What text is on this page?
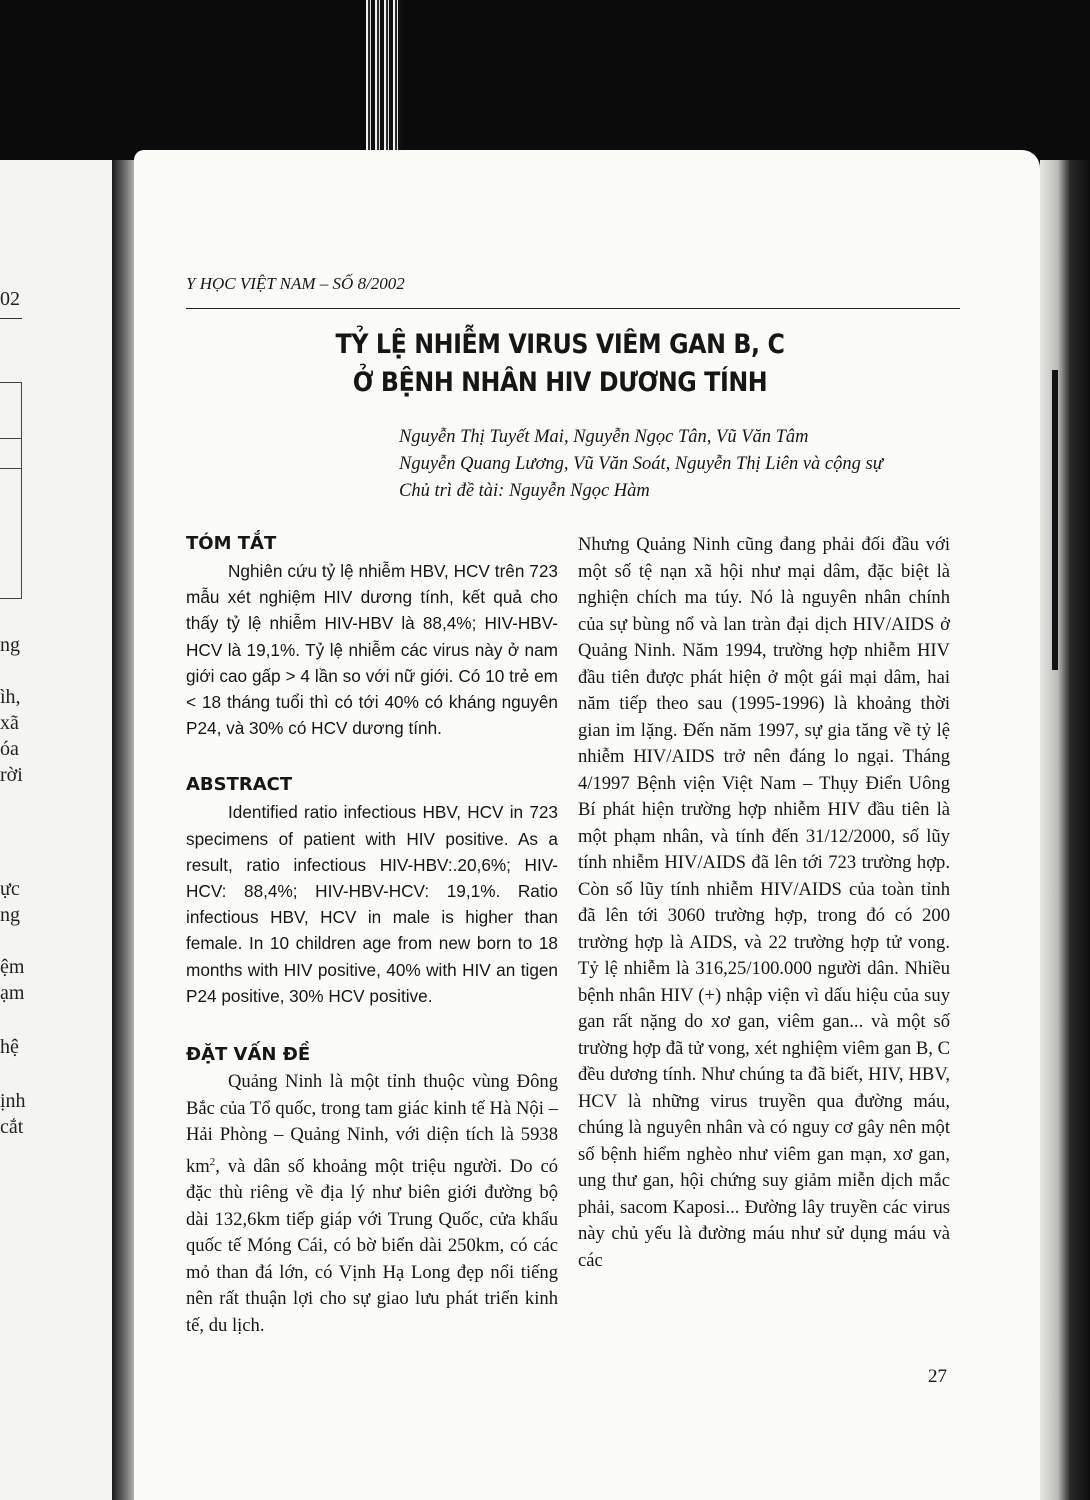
02
ng
ìh,
xã
óa
rời
ực
ng
ệm
ạm
hệ
ịnh
cắt
Y HỌC VIỆT NAM – SỐ 8/2002
TỶ LỆ NHIỄM VIRUS VIÊM GAN B, C
Ở BỆNH NHÂN HIV DƯƠNG TÍNH
Nguyễn Thị Tuyết Mai, Nguyễn Ngọc Tân, Vũ Văn Tâm
Nguyễn Quang Lương, Vũ Văn Soát, Nguyễn Thị Liên và cộng sự
Chủ trì đề tài: Nguyễn Ngọc Hàm
TÓM TẮT

Nghiên cứu tỷ lệ nhiễm HBV, HCV trên 723 mẫu xét nghiệm HIV dương tính, kết quả cho thấy tỷ lệ nhiễm HIV-HBV là 88,4%; HIV-HBV-HCV là 19,1%. Tỷ lệ nhiễm các virus này ở nam giới cao gấp > 4 lần so với nữ giới. Có 10 trẻ em < 18 tháng tuổi thì có tới 40% có kháng nguyên P24, và 30% có HCV dương tính.

ABSTRACT

Identified ratio infectious HBV, HCV in 723 specimens of patient with HIV positive. As a result, ratio infectious HIV-HBV:.20,6%; HIV-HCV: 88,4%; HIV-HBV-HCV: 19,1%. Ratio infectious HBV, HCV in male is higher than female. In 10 children age from new born to 18 months with HIV positive, 40% with HIV an tigen P24 positive, 30% HCV positive.

ĐẶT VẤN ĐỀ

Quảng Ninh là một tỉnh thuộc vùng Đông Bắc của Tổ quốc, trong tam giác kinh tế Hà Nội – Hải Phòng – Quảng Ninh, với diện tích là 5938 $km^2$, và dân số khoảng một triệu người. Do có đặc thù riêng về địa lý như biên giới đường bộ dài 132,6km tiếp giáp với Trung Quốc, cửa khẩu quốc tế Móng Cái, có bờ biển dài 250km, có các mỏ than đá lớn, có Vịnh Hạ Long đẹp nổi tiếng nên rất thuận lợi cho sự giao lưu phát triển kinh tế, du lịch.

Nhưng Quảng Ninh cũng đang phải đối đầu với một số tệ nạn xã hội như mại dâm, đặc biệt là nghiện chích ma túy. Nó là nguyên nhân chính của sự bùng nổ và lan tràn đại dịch HIV/AIDS ở Quảng Ninh. Năm 1994, trường hợp nhiễm HIV đầu tiên được phát hiện ở một gái mại dâm, hai năm tiếp theo sau (1995-1996) là khoảng thời gian im lặng. Đến năm 1997, sự gia tăng về tỷ lệ nhiễm HIV/AIDS trở nên đáng lo ngại. Tháng 4/1997 Bệnh viện Việt Nam – Thụy Điển Uông Bí phát hiện trường hợp nhiễm HIV đầu tiên là một phạm nhân, và tính đến 31/12/2000, số lũy tính nhiễm HIV/AIDS đã lên tới 723 trường hợp. Còn số lũy tính nhiễm HIV/AIDS của toàn tỉnh đã lên tới 3060 trường hợp, trong đó có 200 trường hợp là AIDS, và 22 trường hợp tử vong. Tỷ lệ nhiễm là 316,25/100.000 người dân. Nhiều bệnh nhân HIV (+) nhập viện vì dấu hiệu của suy gan rất nặng do xơ gan, viêm gan... và một số trường hợp đã tử vong, xét nghiệm viêm gan B, C đều dương tính. Như chúng ta đã biết, HIV, HBV, HCV là những virus truyền qua đường máu, chúng là nguyên nhân và có nguy cơ gây nên một số bệnh hiểm nghèo như viêm gan mạn, xơ gan, ung thư gan, hội chứng suy giảm miễn dịch mắc phải, sacom Kaposi... Đường lây truyền các virus này chủ yếu là đường máu như sử dụng máu và các

27
